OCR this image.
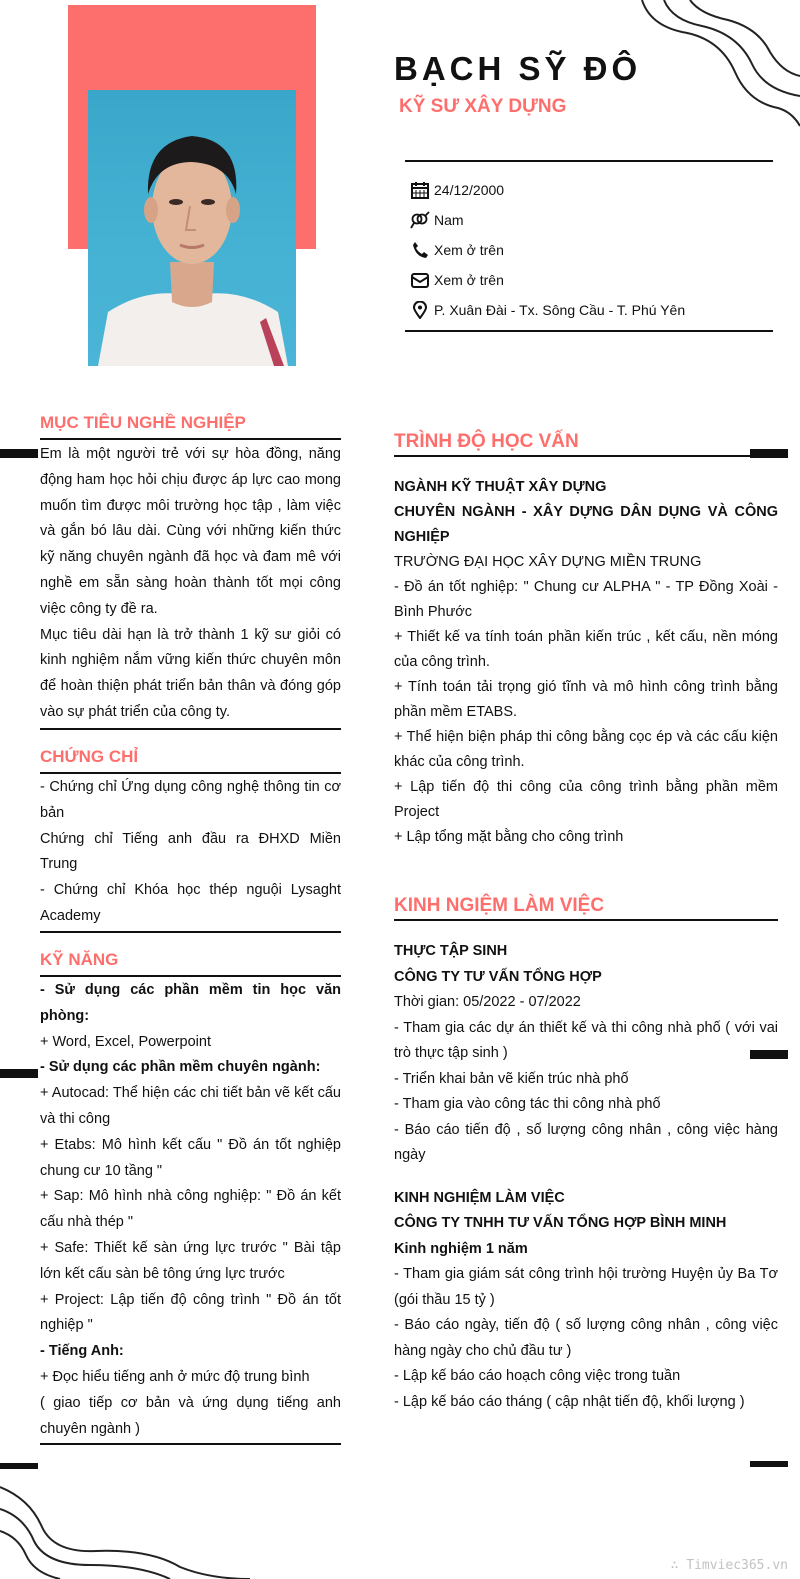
BẠCH SỸ ĐÔ
KỸ SƯ XÂY DỰNG
24/12/2000
Nam
Xem ở trên
Xem ở trên
P. Xuân Đài - Tx. Sông Cầu - T. Phú Yên
MỤC TIÊU NGHỀ NGHIỆP

Em là một người trẻ với sự hòa đồng, năng động ham học hỏi chịu được áp lực cao mong muốn tìm được môi trường học tập , làm việc và gắn bó lâu dài. Cùng với những kiến thức kỹ năng chuyên ngành đã học và đam mê với nghề em sẵn sàng hoàn thành tốt mọi công việc công ty đề ra.

Mục tiêu dài hạn là trở thành 1 kỹ sư giỏi có kinh nghiệm nắm vững kiến thức chuyên môn để hoàn thiện phát triển bản thân và đóng góp vào sự phát triển của công ty.

CHỨNG CHỈ

- Chứng chỉ Ứng dụng công nghệ thông tin cơ bản

Chứng chỉ Tiếng anh đầu ra ĐHXD Miền Trung

- Chứng chỉ Khóa học thép nguội Lysaght Academy

KỸ NĂNG

- Sử dụng các phần mềm tin học văn phòng:

+ Word, Excel, Powerpoint

- Sử dụng các phần mềm chuyên ngành:

+ Autocad: Thể hiện các chi tiết bản vẽ kết cấu và thi công

+ Etabs: Mô hình kết cấu " Đồ án tốt nghiệp chung cư 10 tầng "

+ Sap: Mô hình nhà công nghiệp: " Đồ án kết cấu nhà thép "

+ Safe: Thiết kế sàn ứng lực trước " Bài tập lớn kết cấu sàn bê tông ứng lực trước

+ Project: Lập tiến độ công trình " Đồ án tốt nghiệp "

- Tiếng Anh:

+ Đọc hiểu tiếng anh ở mức độ trung bình

( giao tiếp cơ bản và ứng dụng tiếng anh chuyên ngành )

TRÌNH ĐỘ HỌC VẤN

NGÀNH KỸ THUẬT XÂY DỰNG

CHUYÊN NGÀNH - XÂY DỰNG DÂN DỤNG VÀ CÔNG NGHIỆP

TRƯỜNG ĐẠI HỌC XÂY DỰNG MIỀN TRUNG

- Đồ án tốt nghiệp: " Chung cư ALPHA " - TP Đồng Xoài - Bình Phước

+ Thiết kế va tính toán phần kiến trúc , kết cấu, nền móng của công trình.

+ Tính toán tải trọng gió tĩnh và mô hình công trình bằng phần mềm ETABS.

+ Thể hiện biện pháp thi công bằng cọc ép và các cấu kiện khác của công trình.

+ Lập tiến độ thi công của công trình bằng phần mềm Project

+ Lập tổng mặt bằng cho công trình

KINH NGIỆM LÀM VIỆC

THỰC TẬP SINH

CÔNG TY TƯ VẤN TỔNG HỢP

Thời gian: 05/2022 - 07/2022

- Tham gia các dự án thiết kế và thi công nhà phố ( với vai trò thực tập sinh )

- Triển khai bản vẽ kiến trúc nhà phố

- Tham gia vào công tác thi công nhà phố

- Báo cáo tiến độ , số lượng công nhân , công việc hàng ngày

KINH NGHIỆM LÀM VIỆC

CÔNG TY TNHH TƯ VẤN TỔNG HỢP BÌNH MINH

Kinh nghiệm 1 năm

- Tham gia giám sát công trình hội trường Huyện ủy Ba Tơ (gói thầu 15 tỷ )

- Báo cáo ngày, tiến độ ( số lượng công nhân , công việc hàng ngày cho chủ đầu tư )

- Lập kế báo cáo hoạch công việc trong tuần

- Lập kế báo cáo tháng ( cập nhật tiến độ, khối lượng )

∴ Timviec365.vn
